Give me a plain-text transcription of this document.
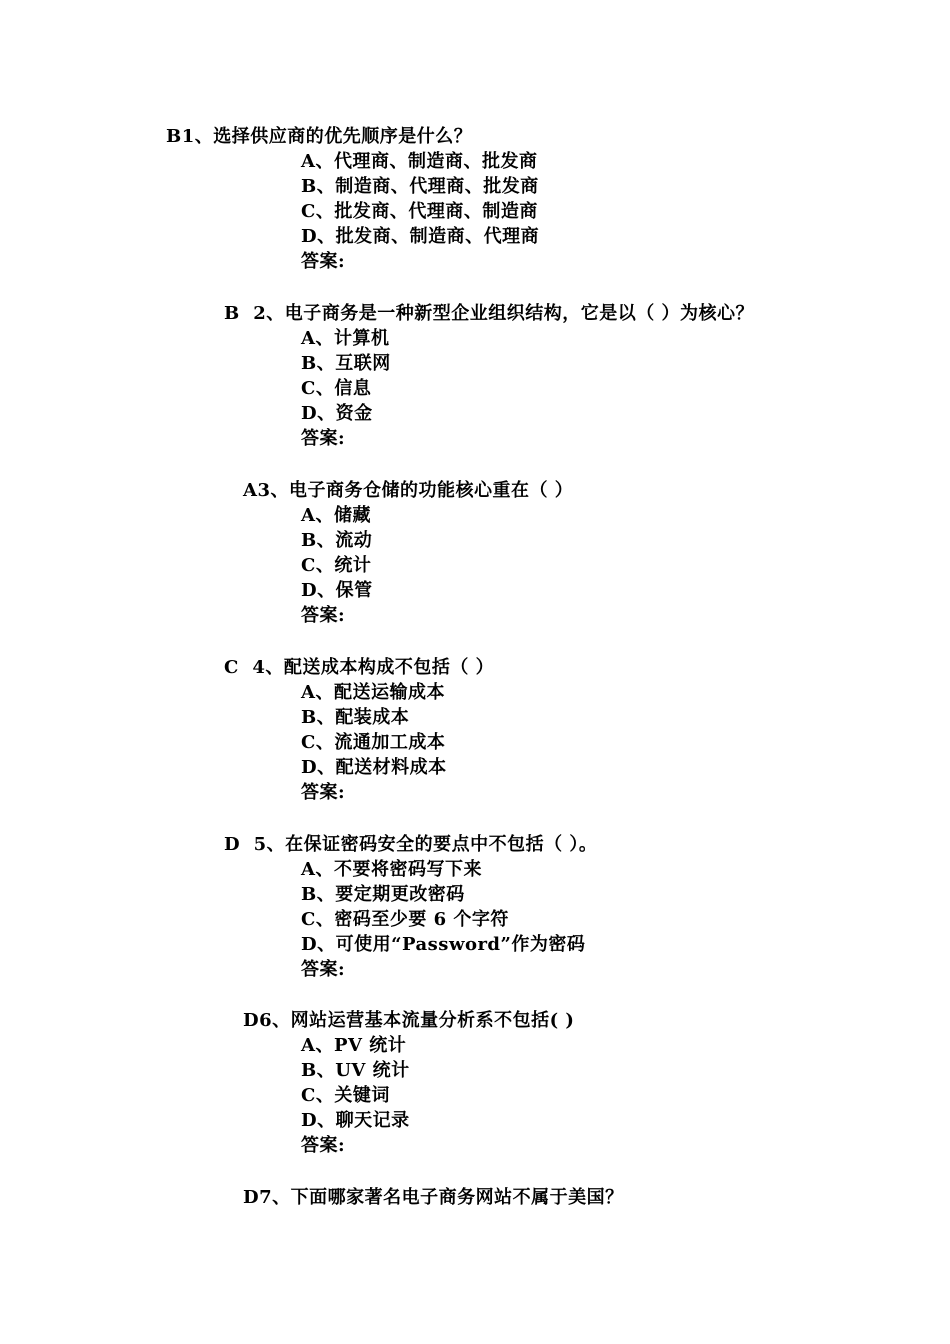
B1、选择供应商的优先顺序是什么？
A、代理商、制造商、批发商
B、制造商、代理商、批发商
C、批发商、代理商、制造商
D、批发商、制造商、代理商
答案:
B  2、电子商务是一种新型企业组织结构，它是以（ ）为核心？
A、计算机
B、互联网
C、信息
D、资金
答案:
A3、电子商务仓储的功能核心重在（ ）
A、储藏
B、流动
C、统计
D、保管
答案:
C  4、配送成本构成不包括（ ）
A、配送运输成本
B、配装成本
C、流通加工成本
D、配送材料成本
答案:
D  5、在保证密码安全的要点中不包括（ ）。
A、不要将密码写下来
B、要定期更改密码
C、密码至少要 6 个字符
D、可使用“Password”作为密码
答案:
D6、网站运营基本流量分析系不包括( )
A、PV 统计
B、UV 统计
C、关键词
D、聊天记录
答案:
D7、下面哪家著名电子商务网站不属于美国？
